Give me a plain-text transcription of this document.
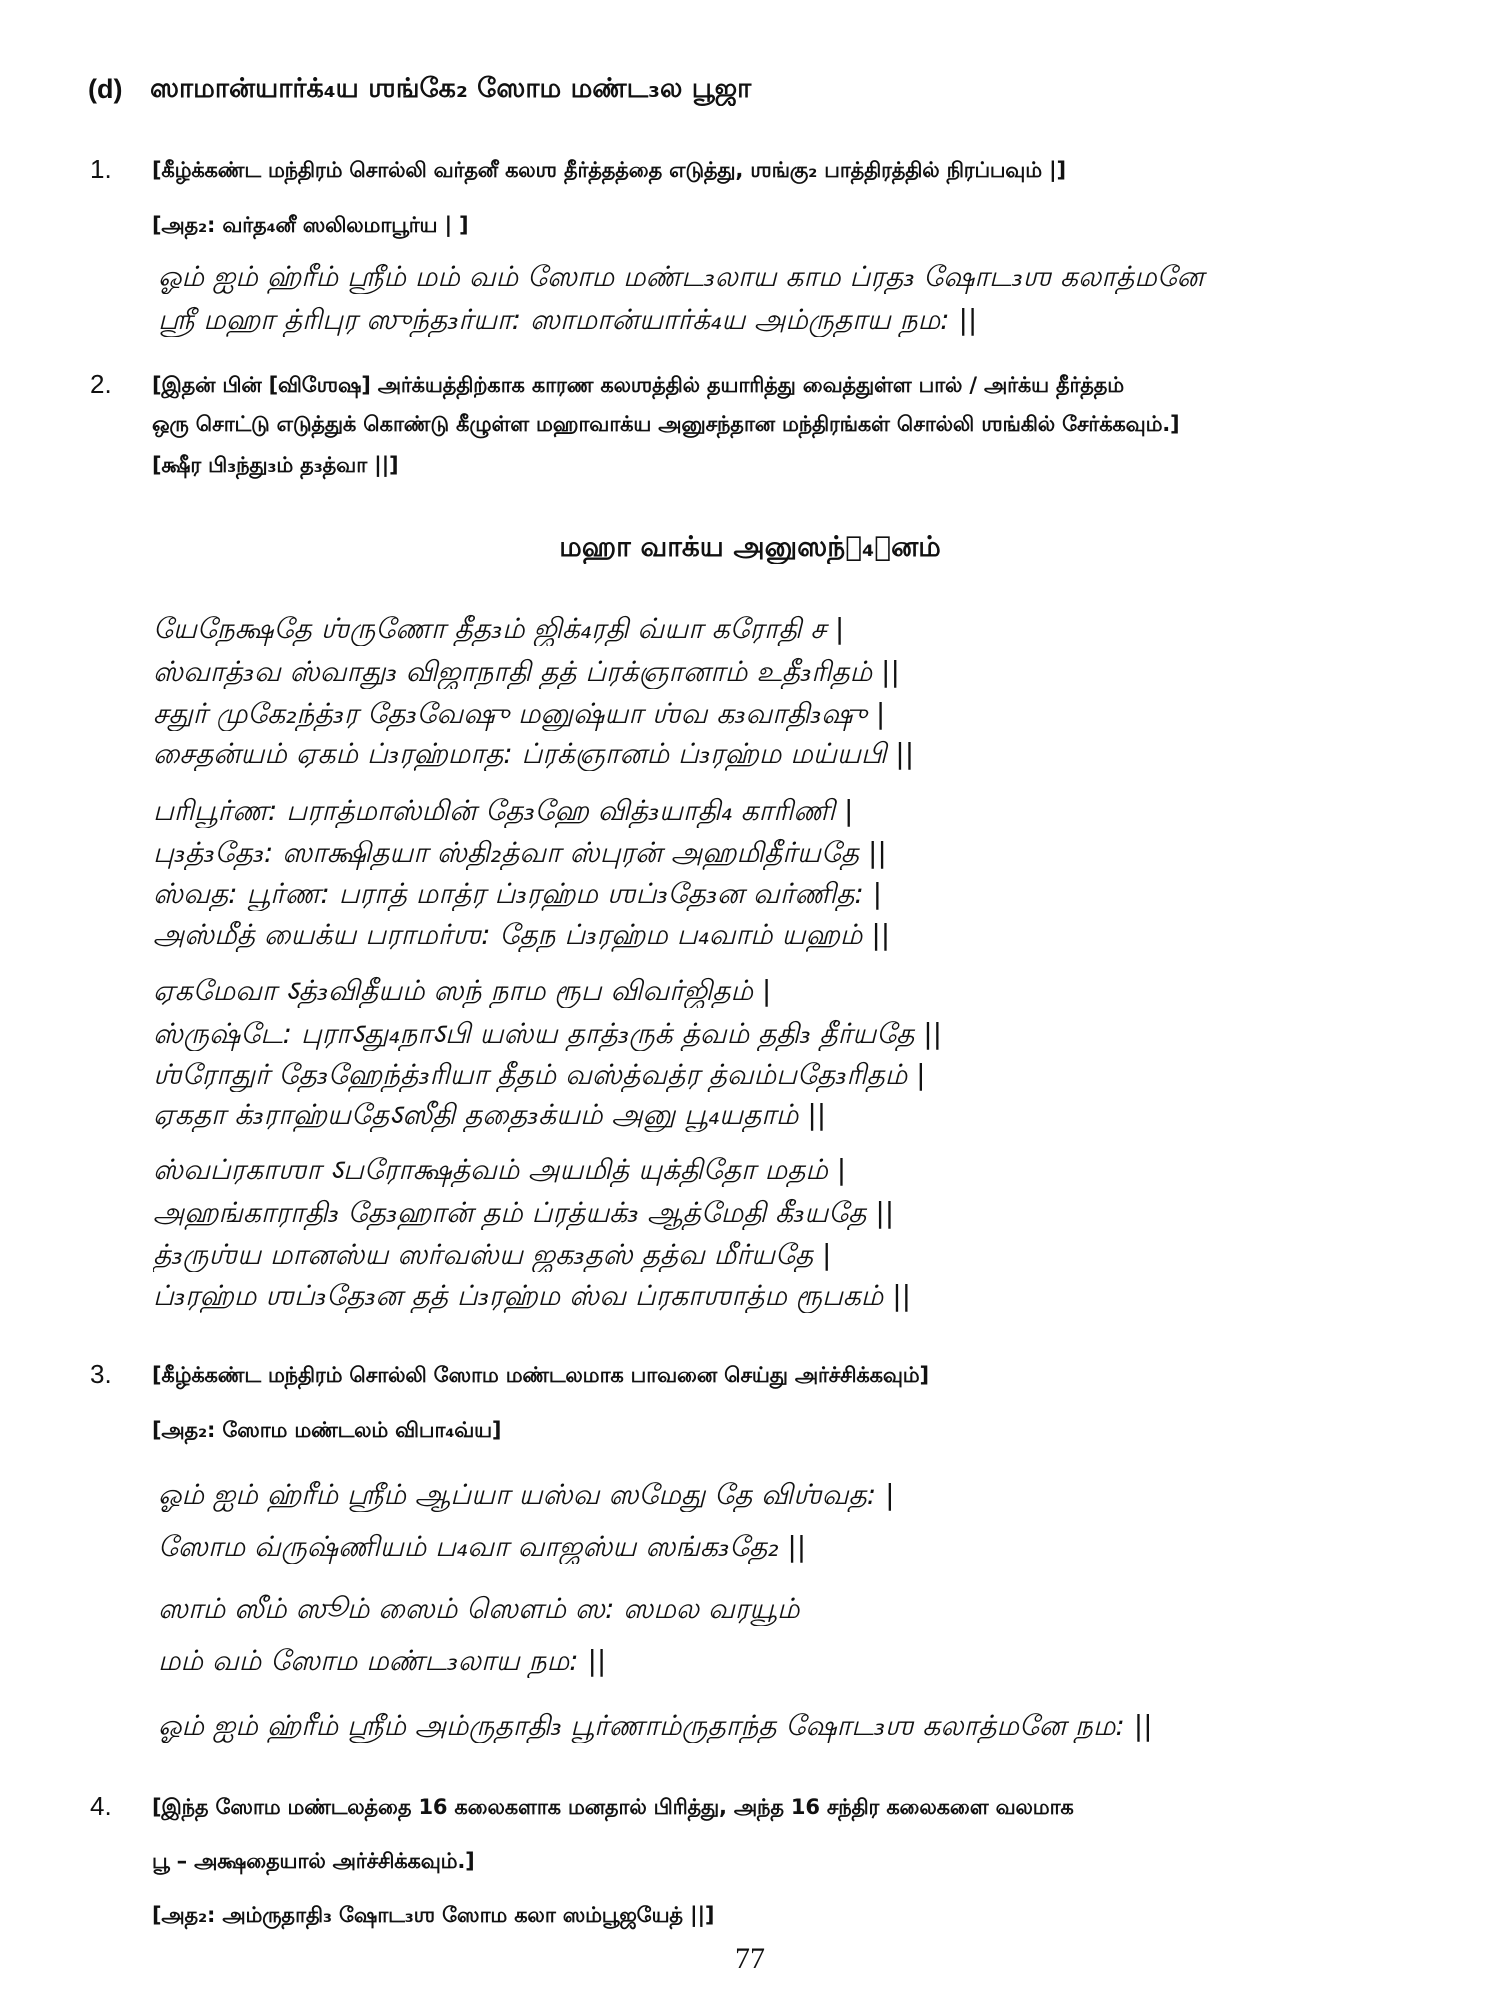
(d)	ஸாமான்யார்க்₄ய ஶங்கே₂ ஸோம மண்ட₃ல பூஜா
1.	[கீழ்க்கண்ட மந்திரம் சொல்லி வர்தனீ கலஶ தீர்த்தத்தை எடுத்து, ஶங்கு₂ பாத்திரத்தில் நிரப்பவும் |]
[அத₂: வர்த₄னீ ஸலிலமாபூர்ய | ]
ஓம் ஐம் ஹ்ரீம் ஶ்ரீம் மம் வம் ஸோம மண்ட₃லாய காம ப்ரத₃ ஷோட₃ஶ கலாத்மனே
ஶ்ரீ மஹா த்ரிபுர ஸுந்த₃ர்யா: ஸாமான்யார்க்₄ய அம்ருதாய நம: ||
2.	[இதன் பின் [விஶேஷ] அர்க்யத்திற்காக காரண கலஶத்தில் தயாரித்து வைத்துள்ள பால் / அர்க்ய தீர்த்தம்
ஒரு சொட்டு எடுத்துக் கொண்டு கீழுள்ள மஹாவாக்ய அனுசந்தான மந்திரங்கள் சொல்லி ஶங்கில் சேர்க்கவும்.]
[க்ஷீர பி₃ந்து₃ம் த₃த்வா ||]
மஹா வாக்ய அனுஸந்த₄ானம்
யேநேக்ஷதே ஶ்ருணோ தீத₃ம் ஜிக்₄ரதி வ்யா கரோதி ச |
ஸ்வாத்₃வ ஸ்வாது₃ விஜாநாதி தத் ப்ரக்ஞானாம் உதீ₃ரிதம் ||
சதுர் முகே₂ந்த்₃ர தே₃வேஷு மனுஷ்யா ஶ்வ க₃வாதி₃ஷு |
சைதன்யம் ஏகம் ப்₃ரஹ்மாத: ப்ரக்ஞானம் ப்₃ரஹ்ம மய்யபி ||
பரிபூர்ண: பராத்மாஸ்மின் தே₃ஹே வித்₃யாதி₄ காரிணி |
பு₃த்₃தே₃: ஸாக்ஷிதயா ஸ்தி₂த்வா ஸ்புரன் அஹமிதீர்யதே ||
ஸ்வத: பூர்ண: பராத் மாத்ர ப்₃ரஹ்ம ஶப்₃தே₃ன வர்ணித: |
அஸ்மீத் யைக்ய பராமர்ஶ: தேந ப்₃ரஹ்ம ப₄வாம் யஹம் ||
ஏகமேவா ऽத்₃விதீயம் ஸந் நாம ரூப விவர்ஜிதம் |
ஸ்ருஷ்டே: புராऽது₄நாऽபி யஸ்ய தாத்₃ருக் த்வம் ததி₃ தீர்யதே ||
ஶ்ரோதுர் தே₃ஹேந்த்₃ரியா தீதம் வஸ்த்வத்ர த்வம்பதே₃ரிதம் |
ஏகதா க்₃ராஹ்யதேऽஸீதி ததை₃க்யம் அனு பூ₄யதாம் ||
ஸ்வப்ரகாஶா ऽபரோக்ஷத்வம் அயமித் யுக்திதோ மதம் |
அஹங்காராதி₃ தே₃ஹான் தம் ப்ரத்யக்₃ ஆத்மேதி கீ₃யதே ||
த்₃ருஶ்ய மானஸ்ய ஸர்வஸ்ய ஜக₃தஸ் தத்வ மீர்யதே |
ப்₃ரஹ்ம ஶப்₃தே₃ன தத் ப்₃ரஹ்ம ஸ்வ ப்ரகாஶாத்ம ரூபகம் ||
3.	[கீழ்க்கண்ட மந்திரம் சொல்லி ஸோம மண்டலமாக பாவனை செய்து அர்ச்சிக்கவும்]
[அத₂: ஸோம மண்டலம் விபா₄வ்ய]
ஓம் ஐம் ஹ்ரீம் ஶ்ரீம் ஆப்யா யஸ்வ ஸமேது தே விஶ்வத: |
ஸோம வ்ருஷ்ணியம் ப₄வா வாஜஸ்ய ஸங்க₃தே₂ ||
ஸாம் ஸீம் ஸூம் ஸைம் ஸௌம் ஸ: ஸமல வரயூம்
மம் வம் ஸோம மண்ட₃லாய நம: ||
ஓம் ஐம் ஹ்ரீம் ஶ்ரீம் அம்ருதாதி₃ பூர்ணாம்ருதாந்த ஷோட₃ஶ கலாத்மனே நம: ||
4.	[இந்த ஸோம மண்டலத்தை 16 கலைகளாக மனதால் பிரித்து, அந்த 16 சந்திர கலைகளை வலமாக
பூ – அக்ஷதையால் அர்ச்சிக்கவும்.]
[அத₂: அம்ருதாதி₃ ஷோட₃ஶ ஸோம கலா ஸம்பூஜயேத் ||]
77
